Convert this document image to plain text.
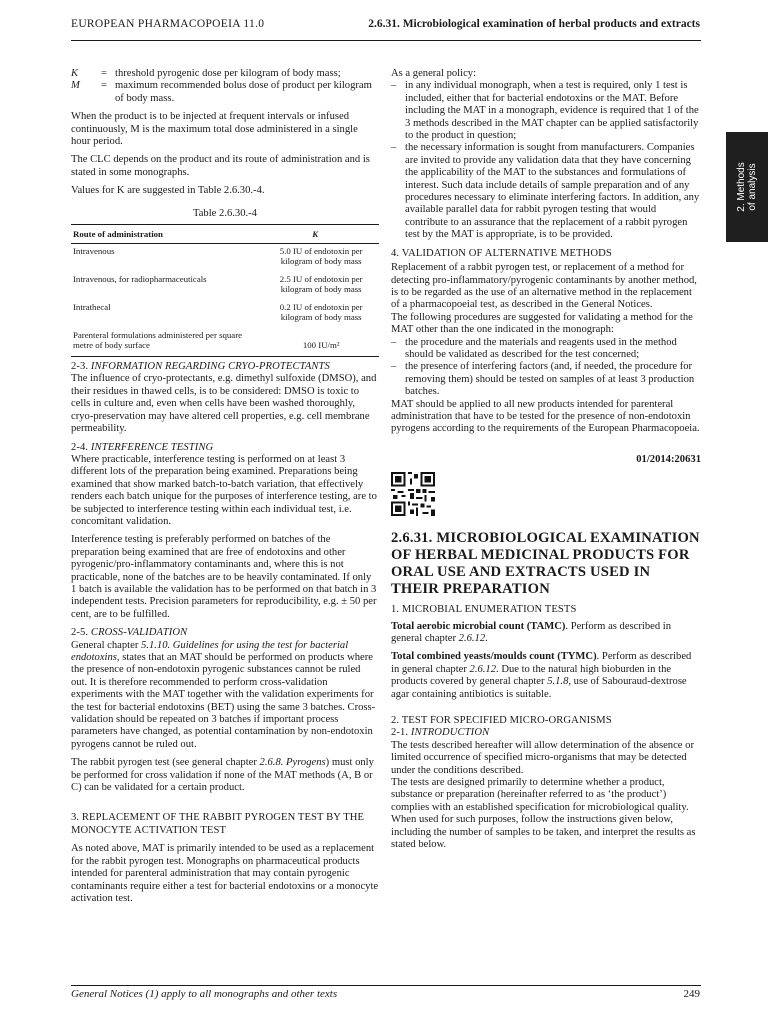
EUROPEAN PHARMACOPOEIA 11.0	2.6.31. Microbiological examination of herbal products and extracts
2. Methods of analysis
K	= threshold pyrogenic dose per kilogram of body mass;
M	= maximum recommended bolus dose of product per kilogram of body mass.

When the product is to be injected at frequent intervals or infused continuously, M is the maximum total dose administered in a single hour period.

The CLC depends on the product and its route of administration and is stated in some monographs.

Values for K are suggested in Table 2.6.30.-4.

Table 2.6.30.-4
Route of administration	K
Intravenous	5.0 IU of endotoxin per kilogram of body mass
Intravenous, for radiopharmaceuticals	2.5 IU of endotoxin per kilogram of body mass
Intrathecal	0.2 IU of endotoxin per kilogram of body mass
Parenteral formulations administered per square metre of body surface	100 IU/m²
2-3. INFORMATION REGARDING CRYO-PROTECTANTS

The influence of cryo-protectants, e.g. dimethyl sulfoxide (DMSO), and their residues in thawed cells, is to be considered: DMSO is toxic to cells in culture and, even when cells have been washed thoroughly, cryo-preservation may have altered cell properties, e.g. cell membrane permeability.

2-4. INTERFERENCE TESTING

Where practicable, interference testing is performed on at least 3 different lots of the preparation being examined. Preparations being examined that show marked batch-to-batch variation, that effectively renders each batch unique for the purposes of interference testing, are to be subjected to interference testing within each individual test, i.e. concomitant validation.

Interference testing is preferably performed on batches of the preparation being examined that are free of endotoxins and other pyrogenic/pro-inflammatory contaminants and, where this is not practicable, none of the batches are to be heavily contaminated. If only 1 batch is available the validation has to be performed on that batch in 3 independent tests. Precision parameters for reproducibility, e.g. ± 50 per cent, are to be fulfilled.

2-5. CROSS-VALIDATION

General chapter 5.1.10. Guidelines for using the test for bacterial endotoxins, states that an MAT should be performed on products where the presence of non-endotoxin pyrogenic substances cannot be ruled out. It is therefore recommended to perform cross-validation experiments with the MAT together with the validation experiments for the test for bacterial endotoxins (BET) using the same 3 batches. Cross-validation should be repeated on 3 batches if important process parameters have changed, as potential contamination by non-endotoxin pyrogens cannot be ruled out.

The rabbit pyrogen test (see general chapter 2.6.8. Pyrogens) must only be performed for cross validation if none of the MAT methods (A, B or C) can be validated for a certain product.

3. REPLACEMENT OF THE RABBIT PYROGEN TEST BY THE MONOCYTE ACTIVATION TEST

As noted above, MAT is primarily intended to be used as a replacement for the rabbit pyrogen test. Monographs on pharmaceutical products intended for parenteral administration that may contain pyrogenic contaminants require either a test for bacterial endotoxins or a monocyte activation test.

As a general policy:

– in any individual monograph, when a test is required, only 1 test is included, either that for bacterial endotoxins or the MAT. Before including the MAT in a monograph, evidence is required that 1 of the 3 methods described in the MAT chapter can be applied satisfactorily to the product in question;
– the necessary information is sought from manufacturers. Companies are invited to provide any validation data that they have concerning the applicability of the MAT to the substances and formulations of interest. Such data include details of sample preparation and of any procedures necessary to eliminate interfering factors. In addition, any available parallel data for rabbit pyrogen testing that would contribute to an assurance that the replacement of a rabbit pyrogen test by the MAT is appropriate, is to be provided.

4. VALIDATION OF ALTERNATIVE METHODS

Replacement of a rabbit pyrogen test, or replacement of a method for detecting pro-inflammatory/pyrogenic contaminants by another method, is to be regarded as the use of an alternative method in the replacement of a pharmacopoeial test, as described in the General Notices.

The following procedures are suggested for validating a method for the MAT other than the one indicated in the monograph:

– the procedure and the materials and reagents used in the method should be validated as described for the test concerned;
– the presence of interfering factors (and, if needed, the procedure for removing them) should be tested on samples of at least 3 production batches.

MAT should be applied to all new products intended for parenteral administration that have to be tested for the presence of non-endotoxin pyrogens according to the requirements of the European Pharmacopoeia.

01/2014:20631

2.6.31. MICROBIOLOGICAL EXAMINATION OF HERBAL MEDICINAL PRODUCTS FOR ORAL USE AND EXTRACTS USED IN THEIR PREPARATION

1. MICROBIAL ENUMERATION TESTS

Total aerobic microbial count (TAMC). Perform as described in general chapter 2.6.12.

Total combined yeasts/moulds count (TYMC). Perform as described in general chapter 2.6.12. Due to the natural high bioburden in the products covered by general chapter 5.1.8, use of Sabouraud-dextrose agar containing antibiotics is suitable.

2. TEST FOR SPECIFIED MICRO-ORGANISMS

2-1. INTRODUCTION

The tests described hereafter will allow determination of the absence or limited occurrence of specified micro-organisms that may be detected under the conditions described.

The tests are designed primarily to determine whether a product, substance or preparation (hereinafter referred to as ‘the product’) complies with an established specification for microbiological quality. When used for such purposes, follow the instructions given below, including the number of samples to be taken, and interpret the results as stated below.

General Notices (1) apply to all monographs and other texts	249
